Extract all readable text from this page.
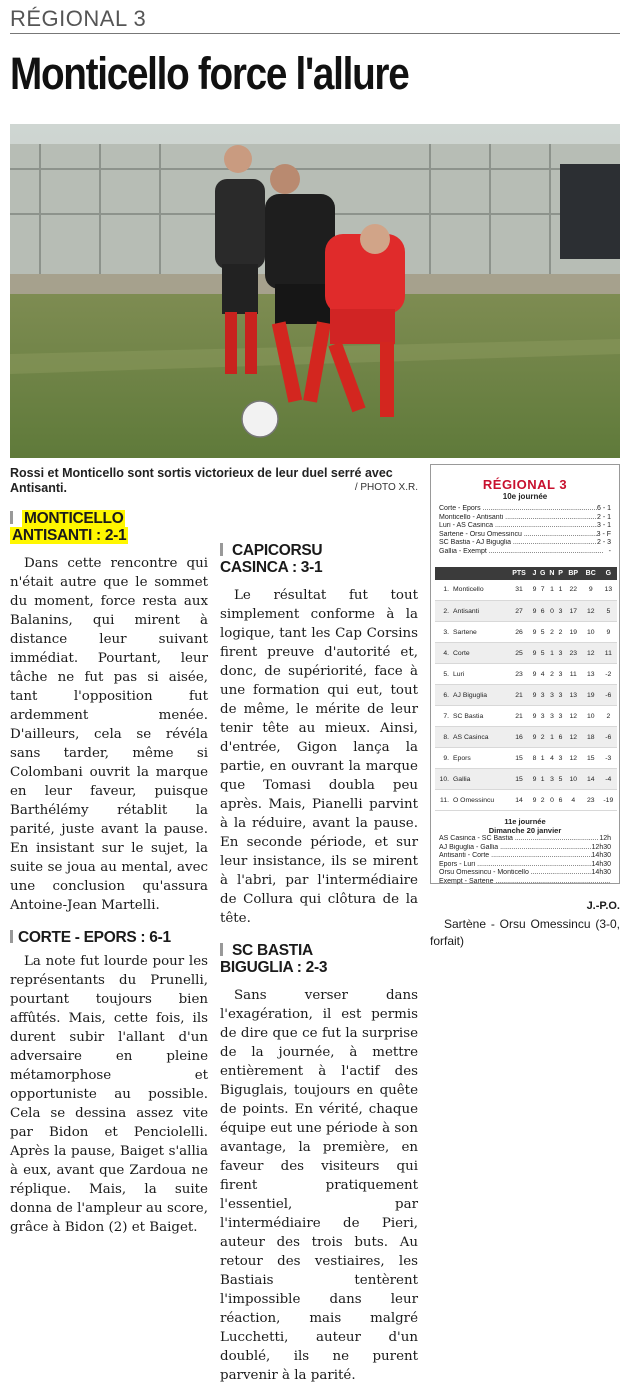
RÉGIONAL 3
Monticello force l'allure
Rossi et Monticello sont sortis victorieux de leur duel serré avec Antisanti.	/ PHOTO X.R.
MONTICELLO
ANTISANTI : 2-1

Dans cette rencontre qui n'était autre que le sommet du moment, force resta aux Balanins, qui mirent à distance leur suivant immédiat. Pourtant, leur tâche ne fut pas si aisée, tant l'opposition fut ardemment menée. D'ailleurs, cela se révéla sans tarder, même si Colombani ouvrit la marque en leur faveur, puisque Barthélémy rétablit la parité, juste avant la pause. En insistant sur le sujet, la suite se joua au mental, avec une conclusion qu'assura Antoine-Jean Martelli.

CORTE - EPORS : 6-1

La note fut lourde pour les représentants du Prunelli, pourtant toujours bien affûtés. Mais, cette fois, ils durent subir l'allant d'un adversaire en pleine métamorphose et opportuniste au possible. Cela se dessina assez vite par Bidon et Penciolelli. Après la pause, Baiget s'allia à eux, avant que Zardoua ne réplique. Mais, la suite donna de l'ampleur au score, grâce à Bidon (2) et Baiget.

CAPICORSU
CASINCA : 3-1

Le résultat fut tout simplement conforme à la logique, tant les Cap Corsins firent preuve d'autorité et, donc, de supériorité, face à une formation qui eut, tout de même, le mérite de leur tenir tête au mieux. Ainsi, d'entrée, Gigon lança la partie, en ouvrant la marque que Tomasi doubla peu après. Mais, Pianelli parvint à la réduire, avant la pause. En seconde période, et sur leur insistance, ils se mirent à l'abri, par l'intermédiaire de Collura qui clôtura de la tête.

SC BASTIA
BIGUGLIA : 2-3

Sans verser dans l'exagération, il est permis de dire que ce fut la surprise de la journée, à mettre entièrement à l'actif des Biguglais, toujours en quête de points. En vérité, chaque équipe eut une période à son avantage, la première, en faveur des visiteurs qui firent pratiquement l'essentiel, par l'intermédiaire de Pieri, auteur des trois buts. Au retour des vestiaires, les Bastiais tentèrent l'impossible dans leur réaction, mais malgré Lucchetti, auteur d'un doublé, ils ne purent parvenir à la parité.

J.-P.O.

Sartène - Orsu Omessincu (3-0, forfait)

RÉGIONAL 3
10e journée
Corte - Epors .....	6 - 1
Monticello - Antisanti .....	2 - 1
Luri - AS Casinca .....	3 - 1
Sartene - Orsu Omessincu .....	3 - F
SC Bastia - AJ Biguglia .....	2 - 3
Gallia - Exempt .....	-
		PTS	J	G	N	P	BP	BC	G
1.	Monticello	31	9	7	1	1	22	9	13
2.	Antisanti	27	9	6	0	3	17	12	5
3.	Sartene	26	9	5	2	2	19	10	9
4.	Corte	25	9	5	1	3	23	12	11
5.	Luri	23	9	4	2	3	11	13	-2
6.	AJ Biguglia	21	9	3	3	3	13	19	-6
7.	SC Bastia	21	9	3	3	3	12	10	2
8.	AS Casinca	16	9	2	1	6	12	18	-6
9.	Epors	15	8	1	4	3	12	15	-3
10.	Gallia	15	9	1	3	5	10	14	-4
11.	O Omessincu	14	9	2	0	6	4	23	-19
11e journée
Dimanche 20 janvier
AS Casinca - SC Bastia .....	12h
AJ Biguglia - Gallia .....	12h30
Antisanti - Corte .....	14h30
Epors - Luri .....	14h30
Orsu Omessincu - Monticello .....	14h30
Exempt - Sartene .....
